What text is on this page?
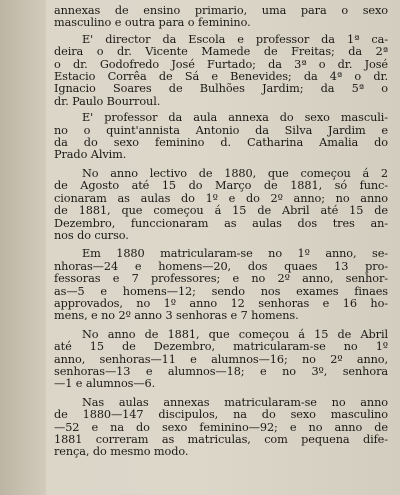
annexas de ensino primario, uma para o sexo
masculino e outra para o feminino.
E' director da Escola e professor da 1ª ca-
deira o dr. Vicente Mamede de Freitas; da 2ª
o dr. Godofredo José Furtado; da 3ª o dr. José
Estacio Corrêa de Sá e Benevides; da 4ª o dr.
Ignacio Soares de Bulhões Jardim; da 5ª o
dr. Paulo Bourroul.
E' professor da aula annexa do sexo masculi-
no o quint'annista Antonio da Silva Jardim e
da do sexo feminino d. Catharina Amalia do
Prado Alvim.
No anno lectivo de 1880, que começou á 2
de Agosto até 15 do Março de 1881, só func-
cionaram as aulas do 1º e do 2º anno; no anno
de 1881, que começou á 15 de Abril até 15 de
Dezembro, funccionaram as aulas dos tres an-
nos do curso.
Em 1880 matricularam-se no 1º anno, se-
nhoras—24 e homens—20, dos quaes 13 pro-
fessoras e 7 professores; e no 2º anno, senhor-
as—5 e homens—12; sendo nos exames finaes
approvados, no 1º anno 12 senhoras e 16 ho-
mens, e no 2º anno 3 senhoras e 7 homens.
No anno de 1881, que começou á 15 de Abril
até 15 de Dezembro, matricularam-se no 1º
anno, senhoras—11 e alumnos—16; no 2º anno,
senhoras—13 e alumnos—18; e no 3º, senhora
—1 e alumnos—6.
Nas aulas annexas matricularam-se no anno
de 1880—147 discipulos, na do sexo masculino
—52 e na do sexo feminino—92; e no anno de
1881 correram as matriculas, com pequena dife-
rença, do mesmo modo.
